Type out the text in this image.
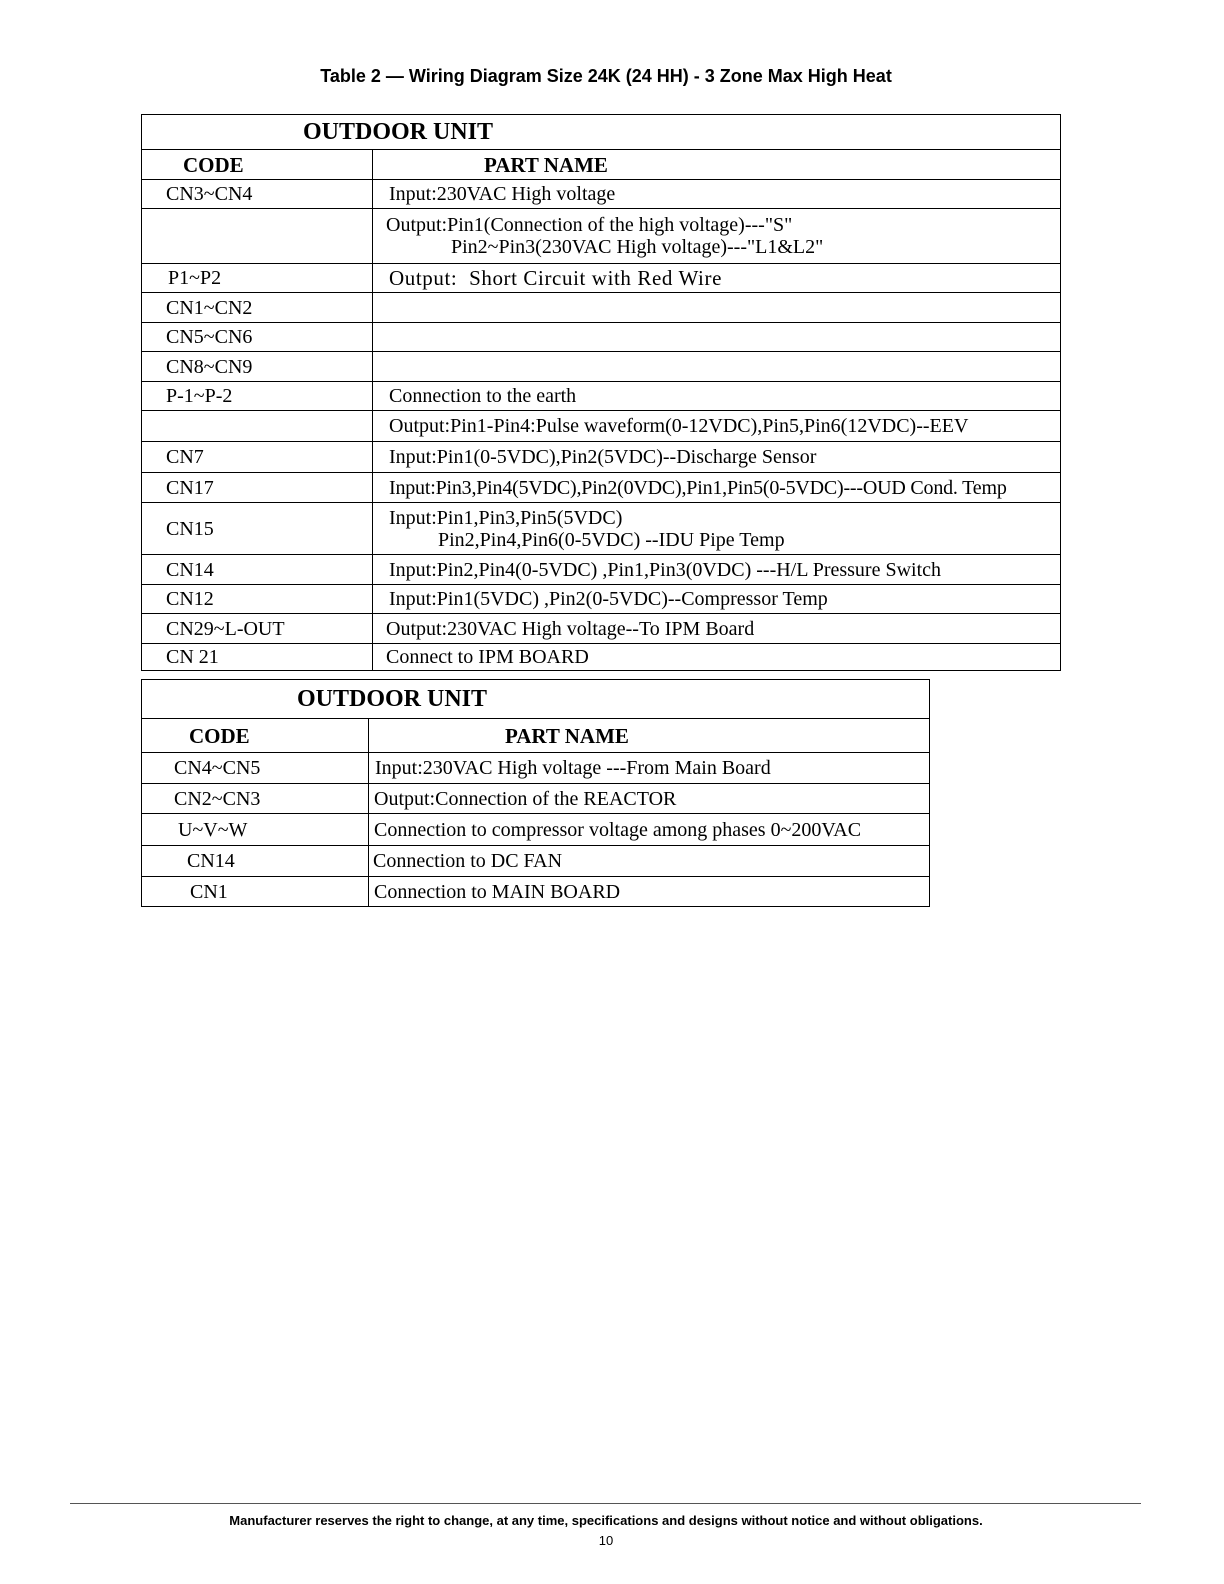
Table 2 — Wiring Diagram Size 24K (24 HH) - 3 Zone Max High Heat
OUTDOOR UNIT	
CODE	PART NAME
CN3~CN4	Input:230VAC High voltage

	Output:Pin1(Connection of the high voltage)---"S"
Pin2~Pin3(230VAC High voltage)---"L1&L2"

P1~P2	Output:  Short Circuit with Red Wire
CN1~CN2	
CN5~CN6	
CN8~CN9	
P-1~P-2	Connection to the earth
	Output:Pin1-Pin4:Pulse waveform(0-12VDC),Pin5,Pin6(12VDC)--EEV
CN7	Input:Pin1(0-5VDC),Pin2(5VDC)--Discharge Sensor
CN17	Input:Pin3,Pin4(5VDC),Pin2(0VDC),Pin1,Pin5(0-5VDC)---OUD Cond. Temp
CN15	Input:Pin1,Pin3,Pin5(5VDC)
Pin2,Pin4,Pin6(0-5VDC) --IDU Pipe Temp

CN14	Input:Pin2,Pin4(0-5VDC) ,Pin1,Pin3(0VDC) ---H/L Pressure Switch
CN12	Input:Pin1(5VDC) ,Pin2(0-5VDC)--Compressor Temp
CN29~L-OUT	Output:230VAC High voltage--To IPM Board
CN 21	Connect to IPM BOARD
OUTDOOR UNIT	
CODE	PART NAME
CN4~CN5	Input:230VAC High voltage ---From Main Board
CN2~CN3	Output:Connection of the REACTOR
U~V~W	Connection to compressor voltage among phases 0~200VAC
CN14	Connection to DC FAN
CN1	Connection to MAIN BOARD
Manufacturer reserves the right to change, at any time, specifications and designs without notice and without obligations.
10
